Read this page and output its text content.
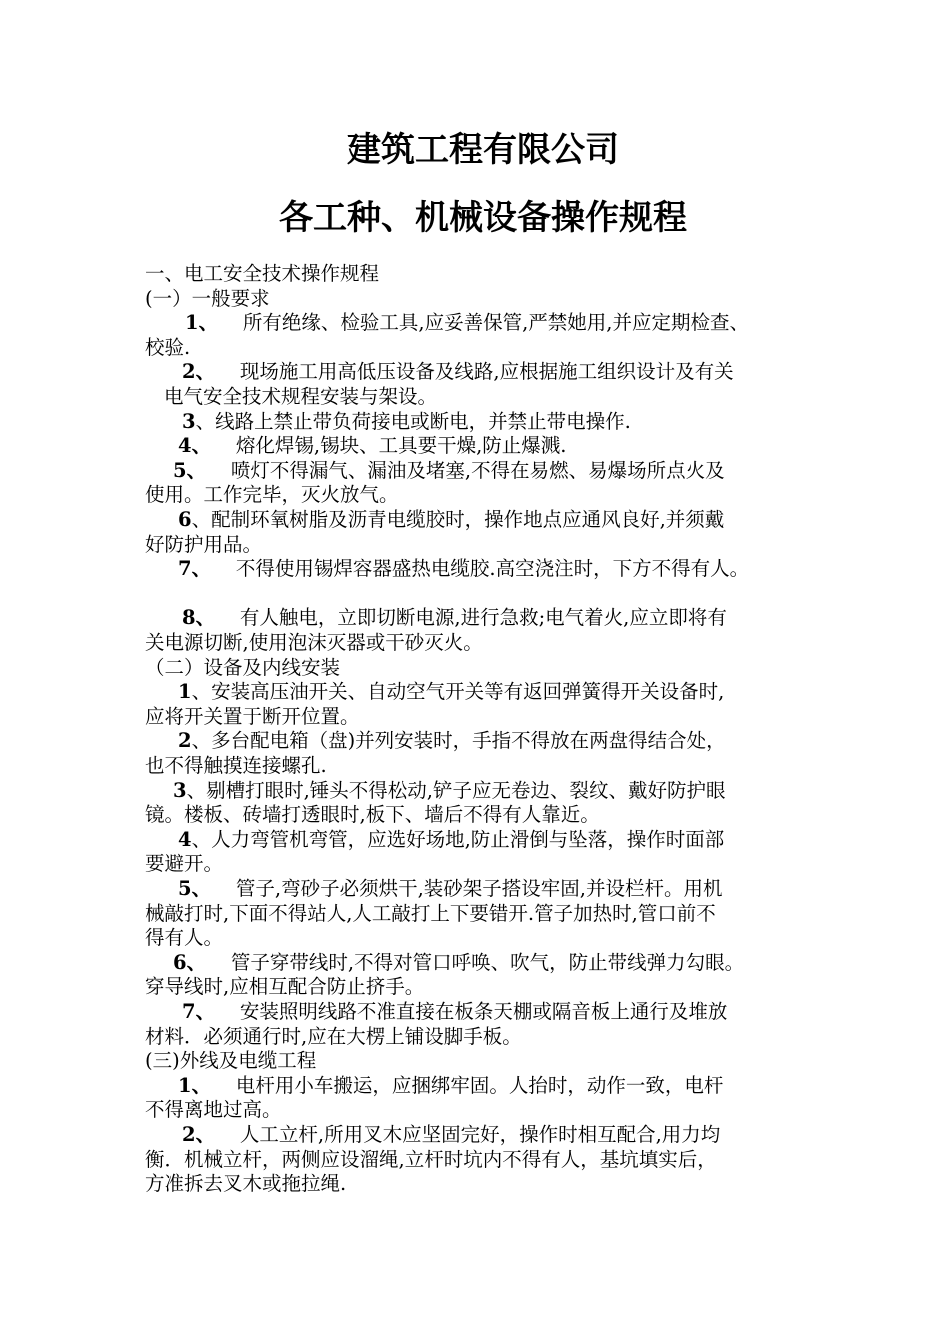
建筑工程有限公司
各工种、机械设备操作规程
一、电工安全技术操作规程
(一）一般要求
1、    所有绝缘、检验工具,应妥善保管,严禁她用,并应定期检查、
校验.
2、    现场施工用高低压设备及线路,应根据施工组织设计及有关
电气安全技术规程安装与架设。
3、线路上禁止带负荷接电或断电，并禁止带电操作.
4、    熔化焊锡,锡块、工具要干燥,防止爆溅.
5、    喷灯不得漏气、漏油及堵塞,不得在易燃、易爆场所点火及
使用。工作完毕，灭火放气。
6、配制环氧树脂及沥青电缆胶时，操作地点应通风良好,并须戴
好防护用品。
7、    不得使用锡焊容器盛热电缆胶.高空浇注时，下方不得有人。
8、    有人触电，立即切断电源,进行急救;电气着火,应立即将有
关电源切断,使用泡沫灭器或干砂灭火。
（二）设备及内线安装
1、安装高压油开关、自动空气开关等有返回弹簧得开关设备时,
应将开关置于断开位置。
2、多台配电箱（盘)并列安装时，手指不得放在两盘得结合处，
也不得触摸连接螺孔.
3、剔槽打眼时,锤头不得松动,铲子应无卷边、裂纹、戴好防护眼
镜。楼板、砖墙打透眼时,板下、墙后不得有人靠近。
4、人力弯管机弯管，应选好场地,防止滑倒与坠落，操作时面部
要避开。
5、    管子,弯砂子必须烘干,装砂架子搭设牢固,并设栏杆。用机
械敲打时,下面不得站人,人工敲打上下要错开.管子加热时,管口前不
得有人。
6、    管子穿带线时,不得对管口呼唤、吹气，防止带线弹力勾眼。
穿导线时,应相互配合防止挤手。
7、    安装照明线路不准直接在板条天棚或隔音板上通行及堆放
材料．必须通行时,应在大楞上铺设脚手板。
(三)外线及电缆工程
1、    电杆用小车搬运，应捆绑牢固。人抬时，动作一致，电杆
不得离地过高。
2、    人工立杆,所用叉木应坚固完好，操作时相互配合,用力均
衡．机械立杆，两侧应设溜绳,立杆时坑内不得有人，基坑填实后，
方准拆去叉木或拖拉绳.
